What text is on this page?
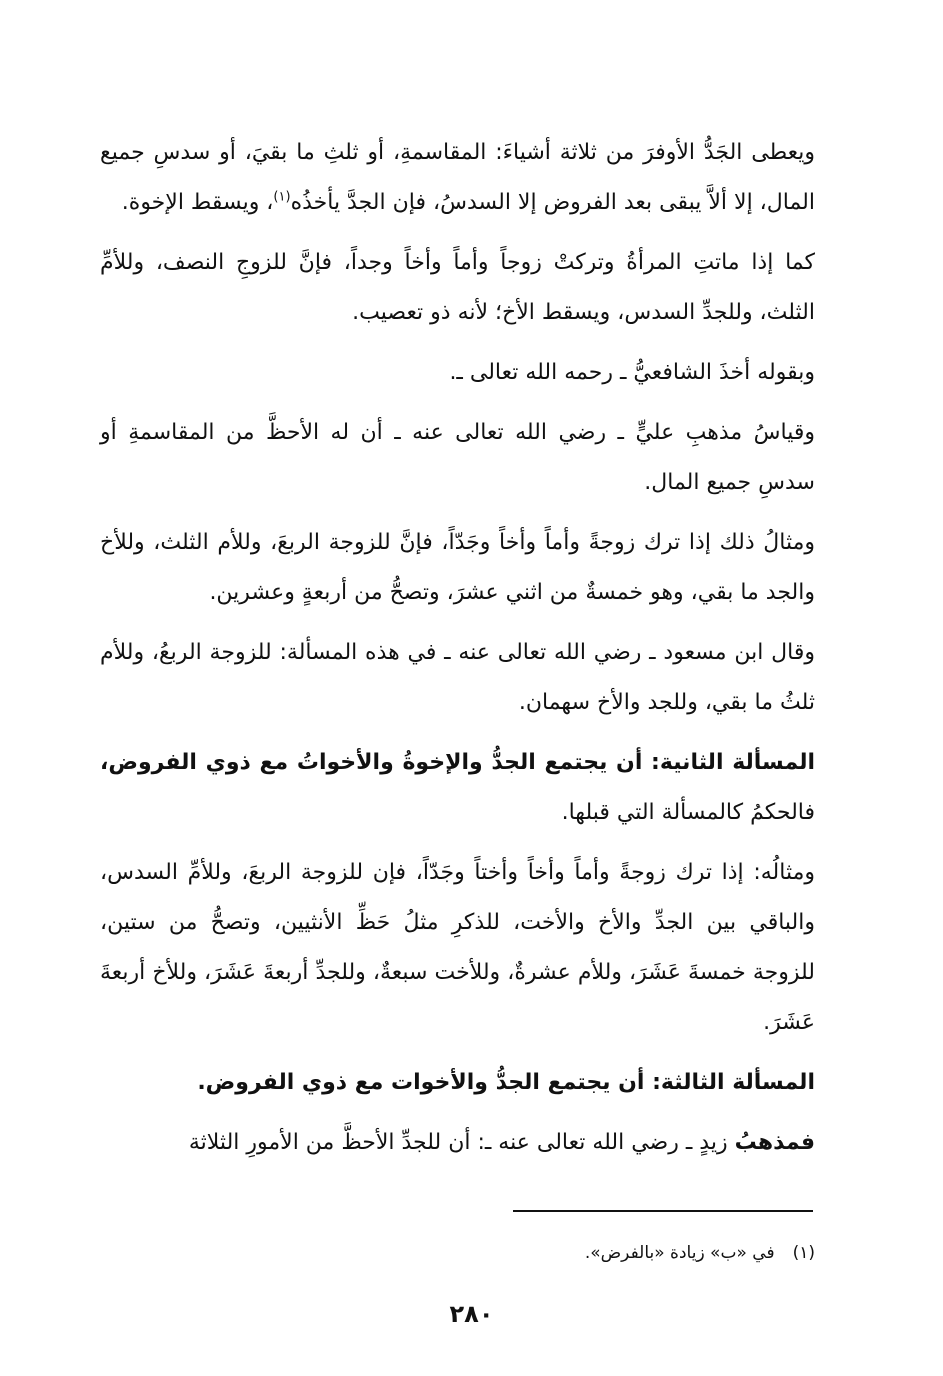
ويعطى الجَدُّ الأوفرَ من ثلاثة أشياءَ: المقاسمةِ، أو ثلثِ ما بقيَ، أو سدسِ جميع المال، إلا ألاَّ يبقى بعد الفروض إلا السدسُ، فإن الجدَّ يأخذُه$^{(١)}$، ويسقط الإخوة.

كما إذا ماتتِ المرأةُ وتركتْ زوجاً وأماً وأخاً وجداً، فإنَّ للزوجِ النصف، وللأمِّ الثلث، وللجدِّ السدس، ويسقط الأخ؛ لأنه ذو تعصيب.

وبقوله أخذَ الشافعيُّ ـ رحمه الله تعالى ـ.

وقياسُ مذهبِ عليٍّ ـ رضي الله تعالى عنه ـ أن له الأحظَّ من المقاسمةِ أو سدسِ جميع المال.

ومثالُ ذلك إذا ترك زوجةً وأماً وأخاً وجَدّاً، فإنَّ للزوجة الربعَ، وللأم الثلث، وللأخ والجد ما بقي، وهو خمسةٌ من اثني عشرَ، وتصحُّ من أربعةٍ وعشرين.

وقال ابن مسعود ـ رضي الله تعالى عنه ـ في هذه المسألة: للزوجة الربعُ، وللأم ثلثُ ما بقي، وللجد والأخ سهمان.

المسألة الثانية: أن يجتمع الجدُّ والإخوةُ والأخواتُ مع ذوي الفروض، فالحكمُ كالمسألة التي قبلها.

ومثالُه: إذا ترك زوجةً وأماً وأخاً وأختاً وجَدّاً، فإن للزوجة الربعَ، وللأمِّ السدس، والباقي بين الجدِّ والأخ والأخت، للذكرِ مثلُ حَظِّ الأنثيين، وتصحُّ من ستين، للزوجة خمسةَ عَشَرَ، وللأم عشرةٌ، وللأخت سبعةٌ، وللجدِّ أربعةَ عَشَرَ، وللأخ أربعةَ عَشَرَ.

المسألة الثالثة: أن يجتمع الجدُّ والأخوات مع ذوي الفروض.

فمذهبُ زيدٍ ـ رضي الله تعالى عنه ـ: أن للجدِّ الأحظَّ من الأمورِ الثلاثة

(١)في «ب» زيادة «بالفرض».
٢٨٠
